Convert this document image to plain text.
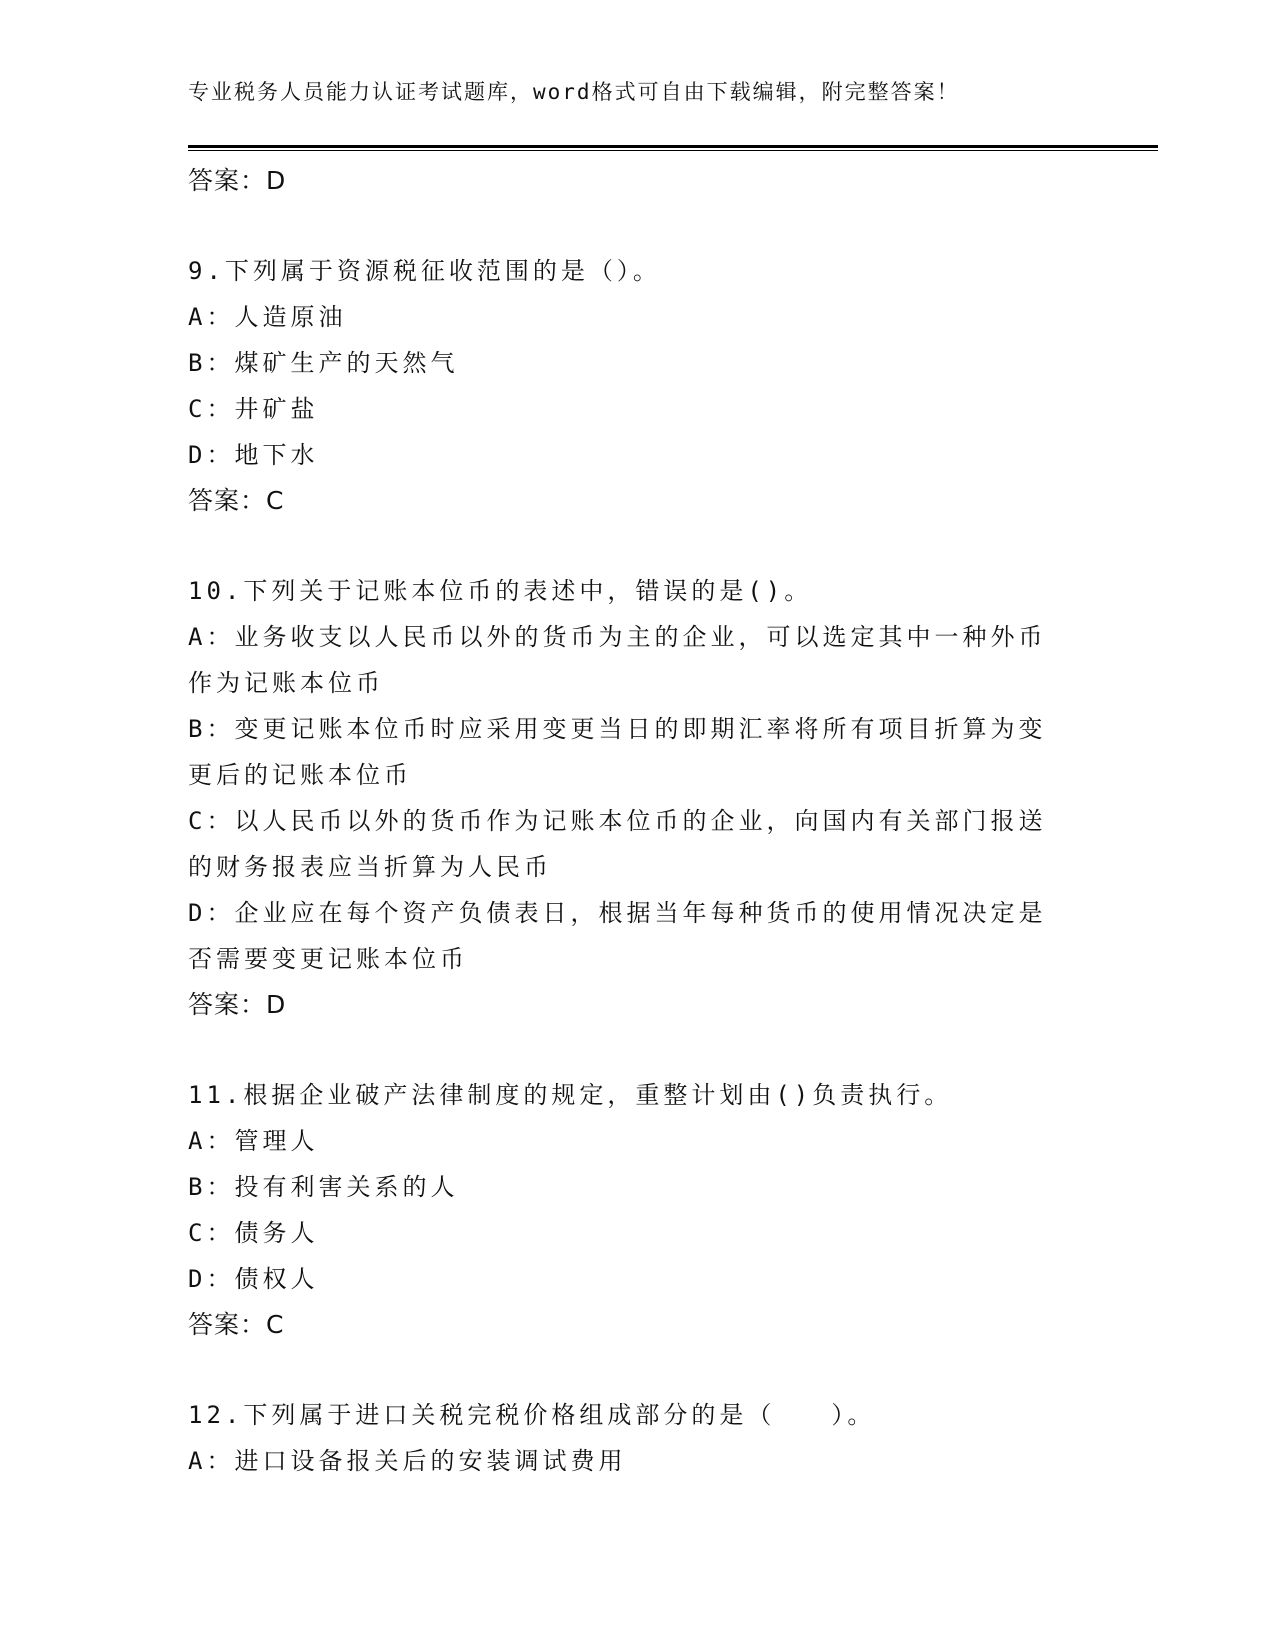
专业税务人员能力认证考试题库，word格式可自由下载编辑，附完整答案！
答案：D
9.下列属于资源税征收范围的是（）。
A：人造原油
B：煤矿生产的天然气
C：井矿盐
D：地下水
答案：C
10.下列关于记账本位币的表述中，错误的是()。
A：业务收支以人民币以外的货币为主的企业，可以选定其中一种外币
作为记账本位币
B：变更记账本位币时应采用变更当日的即期汇率将所有项目折算为变
更后的记账本位币
C：以人民币以外的货币作为记账本位币的企业，向国内有关部门报送
的财务报表应当折算为人民币
D：企业应在每个资产负债表日，根据当年每种货币的使用情况决定是
否需要变更记账本位币
答案：D
11.根据企业破产法律制度的规定，重整计划由()负责执行。
A：管理人
B：投有利害关系的人
C：债务人
D：债权人
答案：C
12.下列属于进口关税完税价格组成部分的是（　　）。
A：进口设备报关后的安装调试费用
